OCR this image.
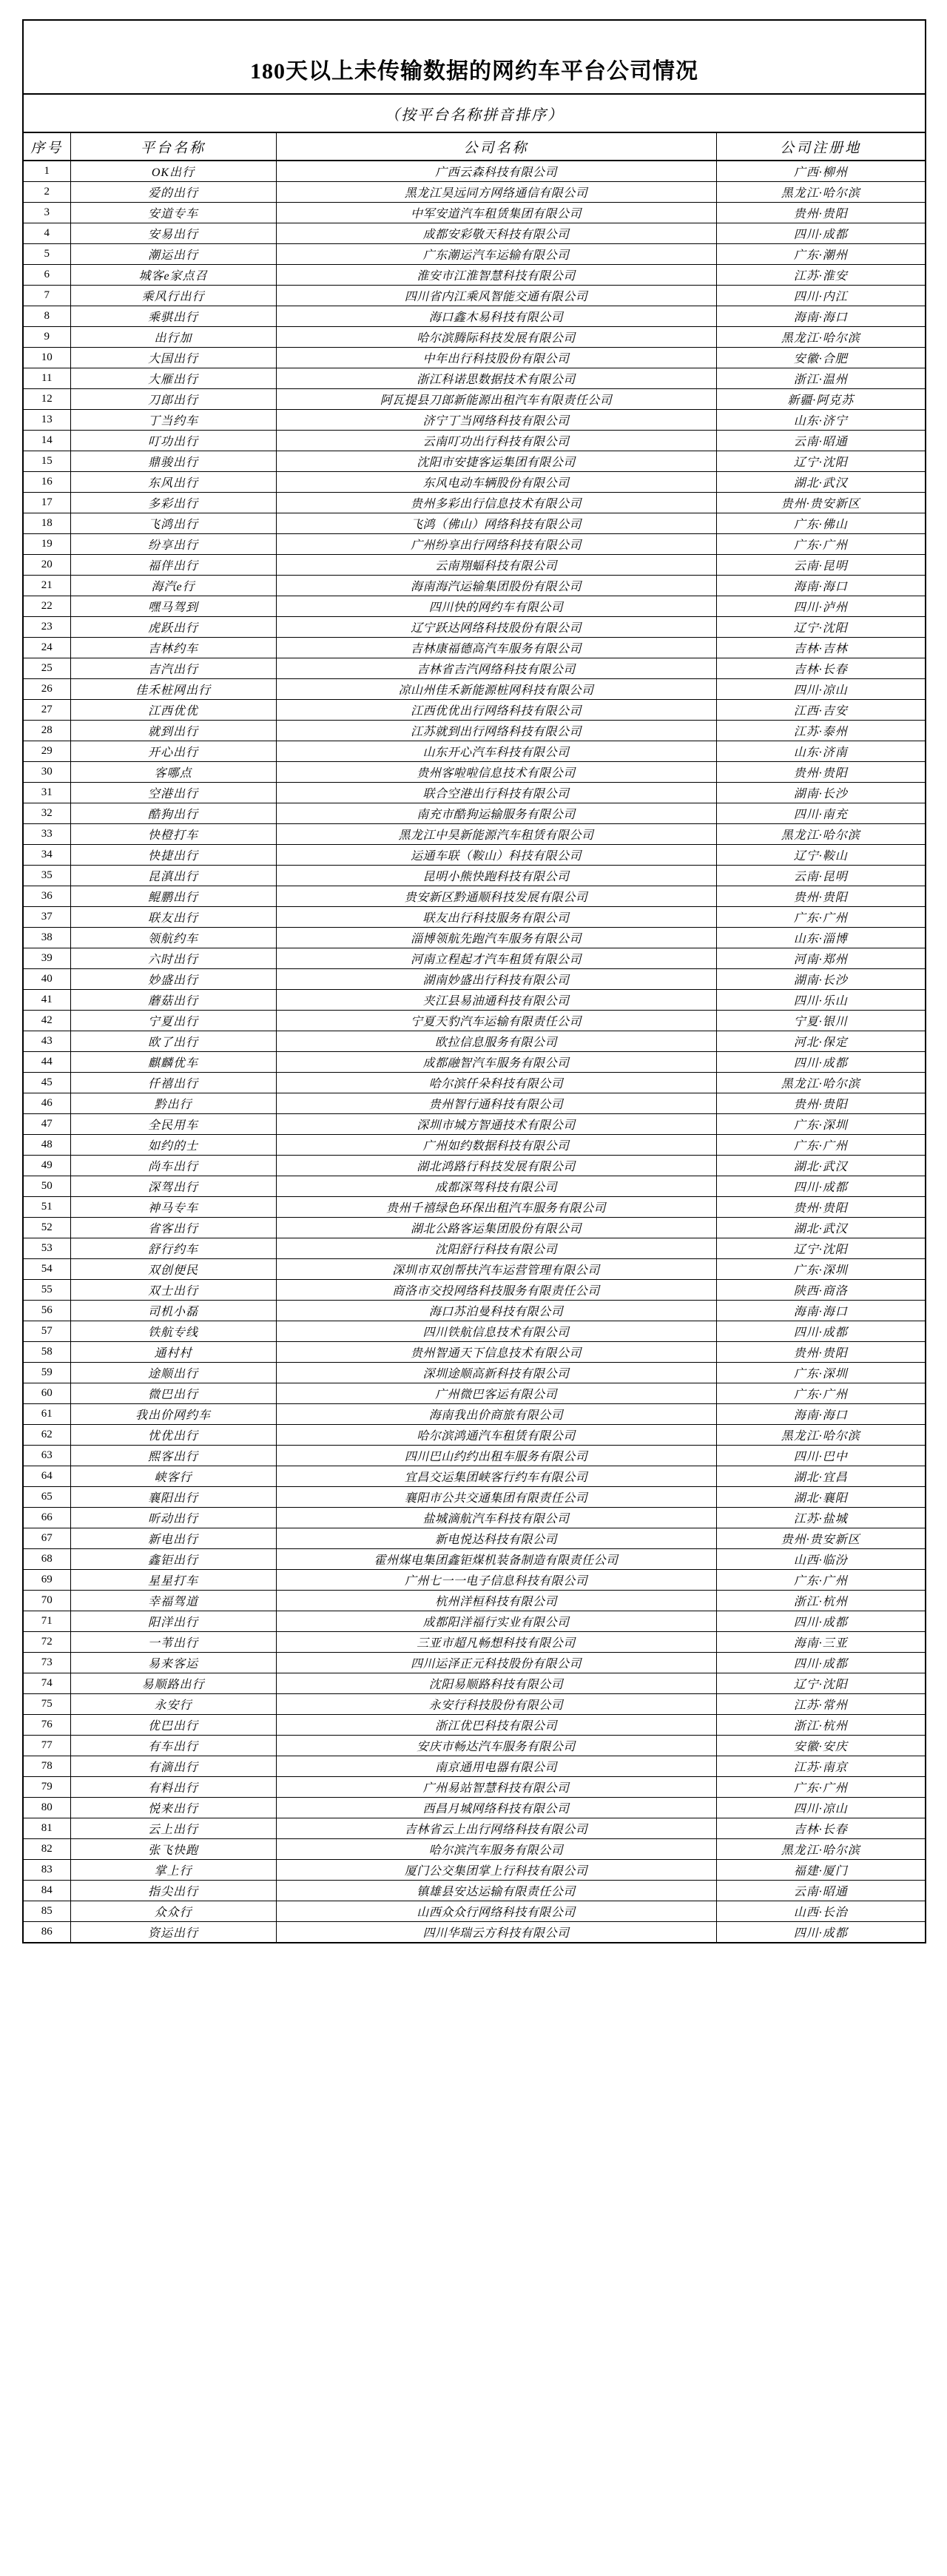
180天以上未传输数据的网约车平台公司情况			

（按平台名称拼音排序）			

序号	平台名称	公司名称	公司注册地
1	OK出行	广西云森科技有限公司	广西·柳州
2	爱的出行	黑龙江昊远同方网络通信有限公司	黑龙江·哈尔滨
3	安道专车	中军安道汽车租赁集团有限公司	贵州·贵阳
4	安易出行	成都安彩敬天科技有限公司	四川·成都
5	潮运出行	广东潮运汽车运输有限公司	广东·潮州
6	城客e家点召	淮安市江淮智慧科技有限公司	江苏·淮安
7	乘风行出行	四川省内江乘风智能交通有限公司	四川·内江
8	乘骐出行	海口鑫木易科技有限公司	海南·海口
9	出行加	哈尔滨腾际科技发展有限公司	黑龙江·哈尔滨
10	大国出行	中年出行科技股份有限公司	安徽·合肥
11	大雁出行	浙江科诺思数据技术有限公司	浙江·温州
12	刀郎出行	阿瓦提县刀郎新能源出租汽车有限责任公司	新疆·阿克苏
13	丁当约车	济宁丁当网络科技有限公司	山东·济宁
14	叮功出行	云南叮功出行科技有限公司	云南·昭通
15	鼎骏出行	沈阳市安捷客运集团有限公司	辽宁·沈阳
16	东风出行	东风电动车辆股份有限公司	湖北·武汉
17	多彩出行	贵州多彩出行信息技术有限公司	贵州·贵安新区
18	飞鸿出行	飞鸿（佛山）网络科技有限公司	广东·佛山
19	纷享出行	广州纷享出行网络科技有限公司	广东·广州
20	福伴出行	云南翔蝠科技有限公司	云南·昆明
21	海汽e行	海南海汽运输集团股份有限公司	海南·海口
22	嘿马驾到	四川快的网约车有限公司	四川·泸州
23	虎跃出行	辽宁跃达网络科技股份有限公司	辽宁·沈阳
24	吉林约车	吉林康福德高汽车服务有限公司	吉林·吉林
25	吉汽出行	吉林省吉汽网络科技有限公司	吉林·长春
26	佳禾桩网出行	凉山州佳禾新能源桩网科技有限公司	四川·凉山
27	江西优优	江西优优出行网络科技有限公司	江西·吉安
28	就到出行	江苏就到出行网络科技有限公司	江苏·泰州
29	开心出行	山东开心汽车科技有限公司	山东·济南
30	客哪点	贵州客啦啦信息技术有限公司	贵州·贵阳
31	空港出行	联合空港出行科技有限公司	湖南·长沙
32	酷狗出行	南充市酷狗运输服务有限公司	四川·南充
33	快橙打车	黑龙江中昊新能源汽车租赁有限公司	黑龙江·哈尔滨
34	快捷出行	运通车联（鞍山）科技有限公司	辽宁·鞍山
35	昆滇出行	昆明小熊快跑科技有限公司	云南·昆明
36	鲲鹏出行	贵安新区黔通顺科技发展有限公司	贵州·贵阳
37	联友出行	联友出行科技服务有限公司	广东·广州
38	领航约车	淄博领航先跑汽车服务有限公司	山东·淄博
39	六时出行	河南立程起才汽车租赁有限公司	河南·郑州
40	妙盛出行	湖南妙盛出行科技有限公司	湖南·长沙
41	蘑菇出行	夹江县易油通科技有限公司	四川·乐山
42	宁夏出行	宁夏天豹汽车运输有限责任公司	宁夏·银川
43	欧了出行	欧拉信息服务有限公司	河北·保定
44	麒麟优车	成都融智汽车服务有限公司	四川·成都
45	仟禧出行	哈尔滨仟朵科技有限公司	黑龙江·哈尔滨
46	黔出行	贵州智行通科技有限公司	贵州·贵阳
47	全民用车	深圳市城方智通技术有限公司	广东·深圳
48	如约的士	广州如约数据科技有限公司	广东·广州
49	尚车出行	湖北鸿路行科技发展有限公司	湖北·武汉
50	深驾出行	成都深驾科技有限公司	四川·成都
51	神马专车	贵州千禧绿色环保出租汽车服务有限公司	贵州·贵阳
52	省客出行	湖北公路客运集团股份有限公司	湖北·武汉
53	舒行约车	沈阳舒行科技有限公司	辽宁·沈阳
54	双创便民	深圳市双创帮扶汽车运营管理有限公司	广东·深圳
55	双士出行	商洛市交投网络科技服务有限责任公司	陕西·商洛
56	司机小磊	海口苏泊曼科技有限公司	海南·海口
57	铁航专线	四川铁航信息技术有限公司	四川·成都
58	通村村	贵州智通天下信息技术有限公司	贵州·贵阳
59	途顺出行	深圳途顺高新科技有限公司	广东·深圳
60	微巴出行	广州微巴客运有限公司	广东·广州
61	我出价网约车	海南我出价商旅有限公司	海南·海口
62	忧优出行	哈尔滨鸿通汽车租赁有限公司	黑龙江·哈尔滨
63	熙客出行	四川巴山约约出租车服务有限公司	四川·巴中
64	峡客行	宜昌交运集团峡客行约车有限公司	湖北·宜昌
65	襄阳出行	襄阳市公共交通集团有限责任公司	湖北·襄阳
66	昕动出行	盐城滴航汽车科技有限公司	江苏·盐城
67	新电出行	新电悦达科技有限公司	贵州·贵安新区
68	鑫钜出行	霍州煤电集团鑫钜煤机装备制造有限责任公司	山西·临汾
69	星星打车	广州七一一电子信息科技有限公司	广东·广州
70	幸福驾道	杭州洋桓科技有限公司	浙江·杭州
71	阳洋出行	成都阳洋福行实业有限公司	四川·成都
72	一苇出行	三亚市超凡畅想科技有限公司	海南·三亚
73	易来客运	四川运泽正元科技股份有限公司	四川·成都
74	易顺路出行	沈阳易顺路科技有限公司	辽宁·沈阳
75	永安行	永安行科技股份有限公司	江苏·常州
76	优巴出行	浙江优巴科技有限公司	浙江·杭州
77	有车出行	安庆市畅达汽车服务有限公司	安徽·安庆
78	有滴出行	南京通用电器有限公司	江苏·南京
79	有料出行	广州易站智慧科技有限公司	广东·广州
80	悦来出行	西昌月城网络科技有限公司	四川·凉山
81	云上出行	吉林省云上出行网络科技有限公司	吉林·长春
82	张飞快跑	哈尔滨汽车服务有限公司	黑龙江·哈尔滨
83	掌上行	厦门公交集团掌上行科技有限公司	福建·厦门
84	指尖出行	镇雄县安达运输有限责任公司	云南·昭通
85	众众行	山西众众行网络科技有限公司	山西·长治
86	资运出行	四川华瑞云方科技有限公司	四川·成都
